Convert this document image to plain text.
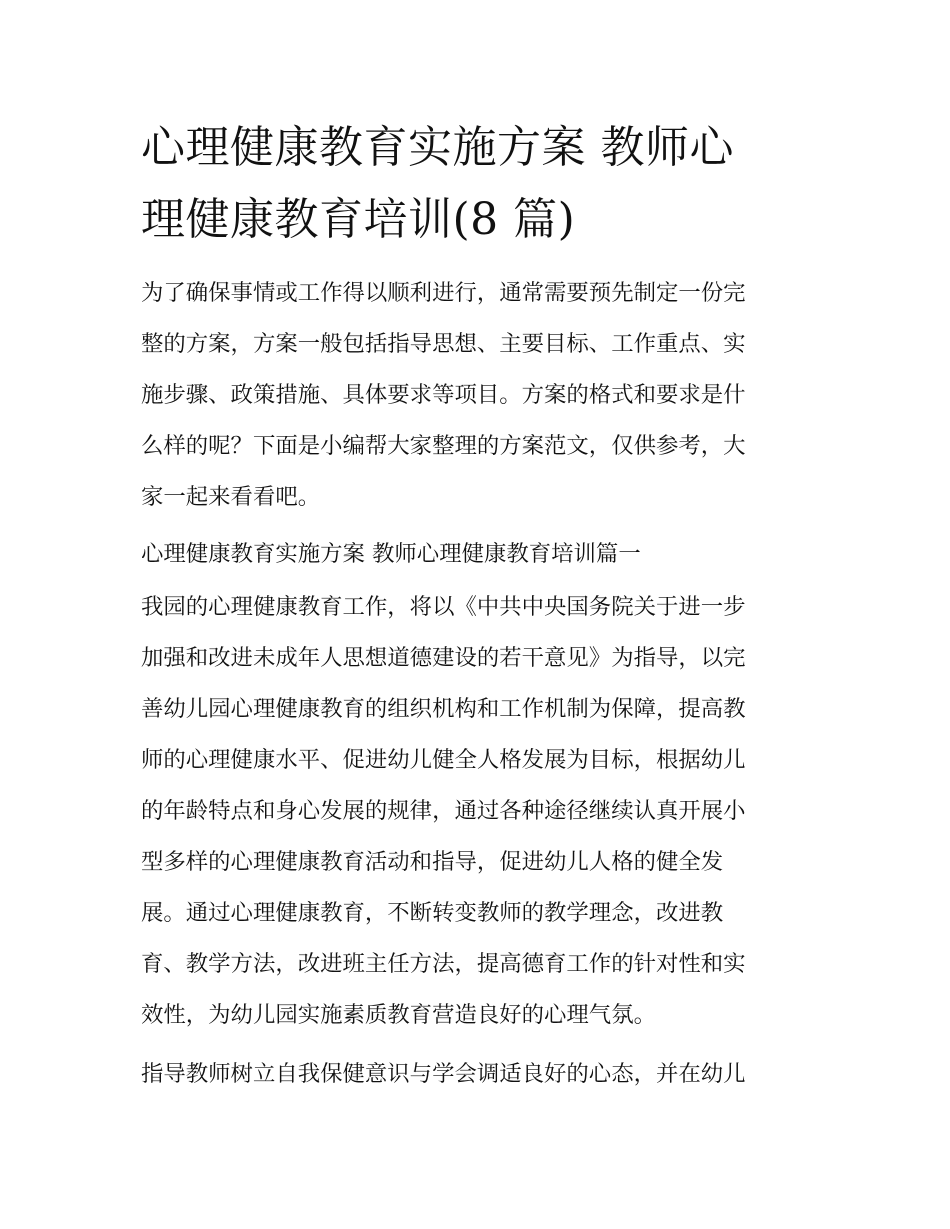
心理健康教育实施方案 教师心
理健康教育培训(8 篇)

为了确保事情或工作得以顺利进行，通常需要预先制定一份完
整的方案，方案一般包括指导思想、主要目标、工作重点、实
施步骤、政策措施、具体要求等项目。方案的格式和要求是什
么样的呢？下面是小编帮大家整理的方案范文，仅供参考，大
家一起来看看吧。

心理健康教育实施方案 教师心理健康教育培训篇一

我园的心理健康教育工作，将以《中共中央国务院关于进一步
加强和改进未成年人思想道德建设的若干意见》为指导，以完
善幼儿园心理健康教育的组织机构和工作机制为保障，提高教
师的心理健康水平、促进幼儿健全人格发展为目标，根据幼儿
的年龄特点和身心发展的规律，通过各种途径继续认真开展小
型多样的心理健康教育活动和指导，促进幼儿人格的健全发
展。通过心理健康教育，不断转变教师的教学理念，改进教
育、教学方法，改进班主任方法，提高德育工作的针对性和实
效性，为幼儿园实施素质教育营造良好的心理气氛。

指导教师树立自我保健意识与学会调适良好的心态，并在幼儿
